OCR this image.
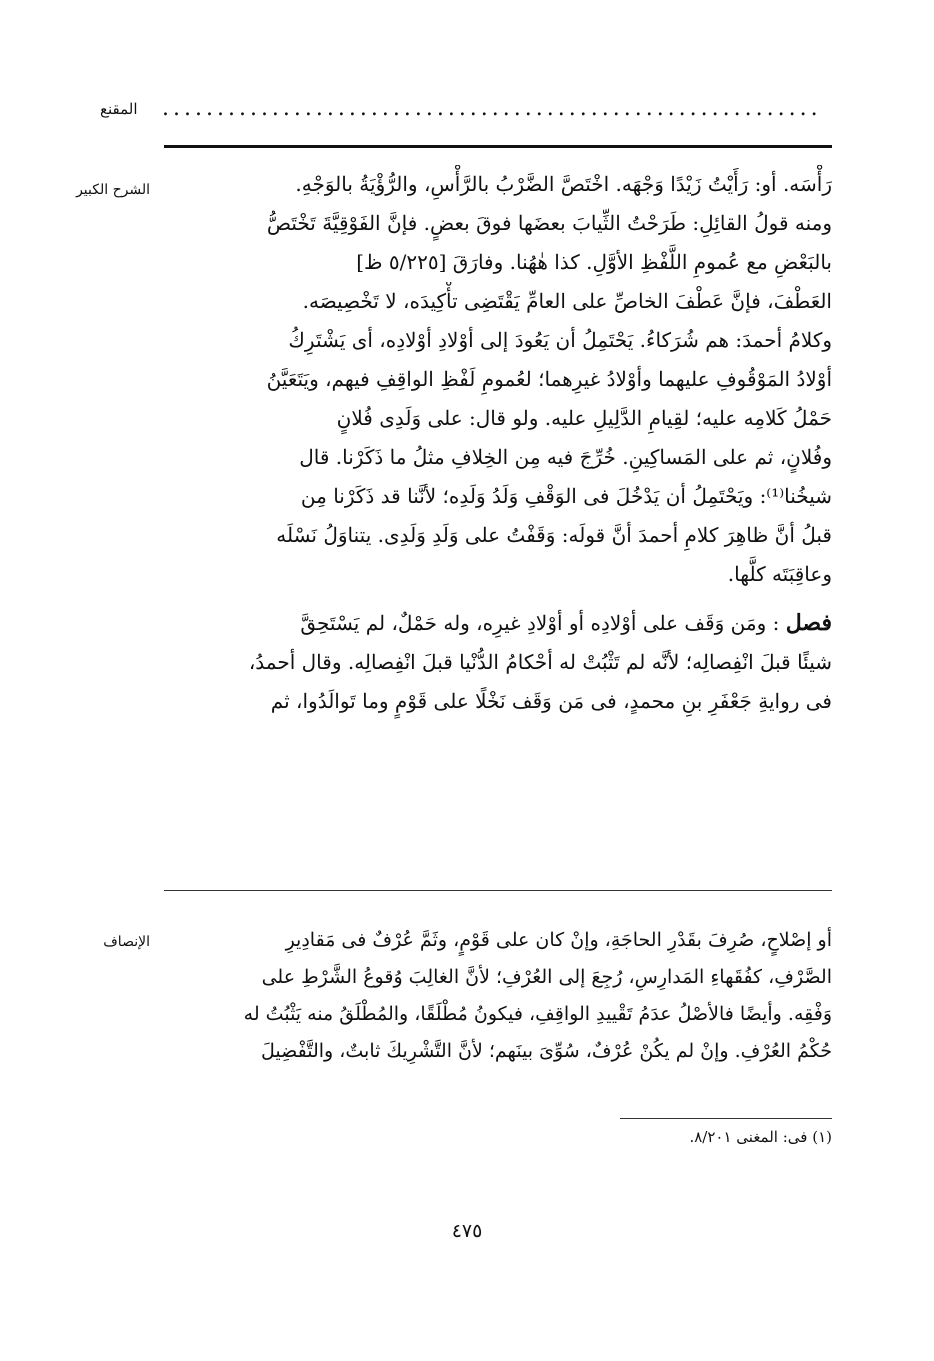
المقنع	............................................................
الشرح الكبير	رَأْسَه. أو: رَأَيْتُ زَيْدًا وَجْهَه. اخْتَصَّ الضَّرْبُ بالرَّأْسِ، والرُّؤْيَةُ بالوَجْهِ.
ومنه قولُ القائِلِ: طَرَحْتُ الثِّيابَ بعضَها فوقَ بعضٍ. فإنَّ الفَوْقِيَّةَ تَخْتَصُّ
بالبَعْضِ مع عُمومِ اللَّفْظِ الأوَّلِ. كذا هٰهُنا. وفارَقَ [٥/٢٢٥ ظ]
العَطْفَ، فإنَّ عَطْفَ الخاصِّ على العامِّ يَقْتَضِى تأْكِيدَه، لا تَخْصِيصَه.
وكلامُ أحمدَ: هم شُرَكاءُ. يَحْتَمِلُ أن يَعُودَ إلى أوْلادِ أوْلادِه، أى يَشْتَرِكُ
أوْلادُ المَوْقُوفِ عليهما وأوْلادُ غيرِهما؛ لعُمومِ لَفْظِ الواقِفِ فيهم، ويَتَعَيَّنُ
حَمْلُ كَلامِه عليه؛ لقِيامِ الدَّلِيلِ عليه. ولو قال: على وَلَدِى فُلانٍ
وفُلانٍ، ثم على المَساكِينِ. خُرِّجَ فيه مِن الخِلافِ مثلُ ما ذَكَرْنا. قال
شيخُنا⁽¹⁾: ويَحْتَمِلُ أن يَدْخُلَ فى الوَقْفِ وَلَدُ وَلَدِه؛ لأنَّنا قد ذَكَرْنا مِن
قبلُ أنَّ ظاهِرَ كلامِ أحمدَ أنَّ قولَه: وَقَفْتُ على وَلَدِ وَلَدِى. يتناوَلُ نَسْلَه
وعاقِبَتَه كلَّها.
فصل : ومَن وَقَف على أوْلادِه أو أوْلادِ غيرِه، وله حَمْلٌ، لم يَسْتَحِقَّ
شيئًا قبلَ انْفِصالِه؛ لأنَّه لم تَثْبُتْ له أحْكامُ الدُّنْيا قبلَ انْفِصالِه. وقال أحمدُ،
فى روايةِ جَعْفَرِ بنِ محمدٍ، فى مَن وَقَف نَخْلًا على قَوْمٍ وما تَوالَدُوا، ثم
الإنصاف	أو إصْلاحٍ، صُرِفَ بقَدْرِ الحاجَةِ، وإنْ كان على قَوْمٍ، وثَمَّ عُرْفٌ فى مَقادِيرِ
الصَّرْفِ، كفُقَهاءِ المَدارِسِ، رُجِعَ إلى العُرْفِ؛ لأنَّ الغالِبَ وُقوعُ الشَّرْطِ على
وَفْقِه. وأيضًا فالأصْلُ عدَمُ تَقْييدِ الواقِفِ، فيكونُ مُطْلَقًا، والمُطْلَقُ منه يَثْبُتُ له
حُكْمُ العُرْفِ. وإنْ لم يكُنْ عُرْفٌ، سُوِّىَ بينَهم؛ لأنَّ التَّشْرِيكَ ثابتٌ، والتَّفْضِيلَ
(١) فى: المغنى ٨/٢٠١.
٤٧٥
